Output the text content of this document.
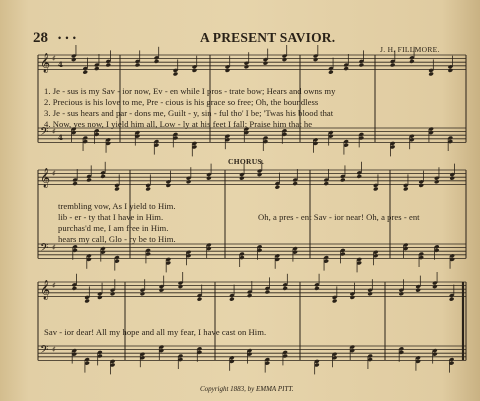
𝄞 ♯
4
𝄢 ♯
4
𝄞 ♯
𝄢 ♯
𝄞 ♯
𝄢 ♯
28 • • •	A PRESENT SAVIOR.
J. H. FILLMORE.
1. Je - sus is my Sav - ior now, Ev - en while I pros - trate bow; Hears and owns my
2. Precious is his love to me, Pre - cious is his grace so free; Oh, the boundless
3. Je - sus hears and par - dons me, Guilt - y, sin - ful tho' I be; 'Twas his blood that
4. Now, yes now, I yield him all, Low - ly at his feet I fall; Praise him that he
CHORUS.
trembling vow, As I yield to Him.
lib - er - ty that I have in Him.
purchas'd me, I am free in Him.
hears my call, Glo - ry be to Him.
Oh, a pres - ent Sav - ior near! Oh, a pres - ent
Sav - ior dear! All my hope and all my fear, I have cast on Him.
Copyright 1883, by EMMA PITT.
